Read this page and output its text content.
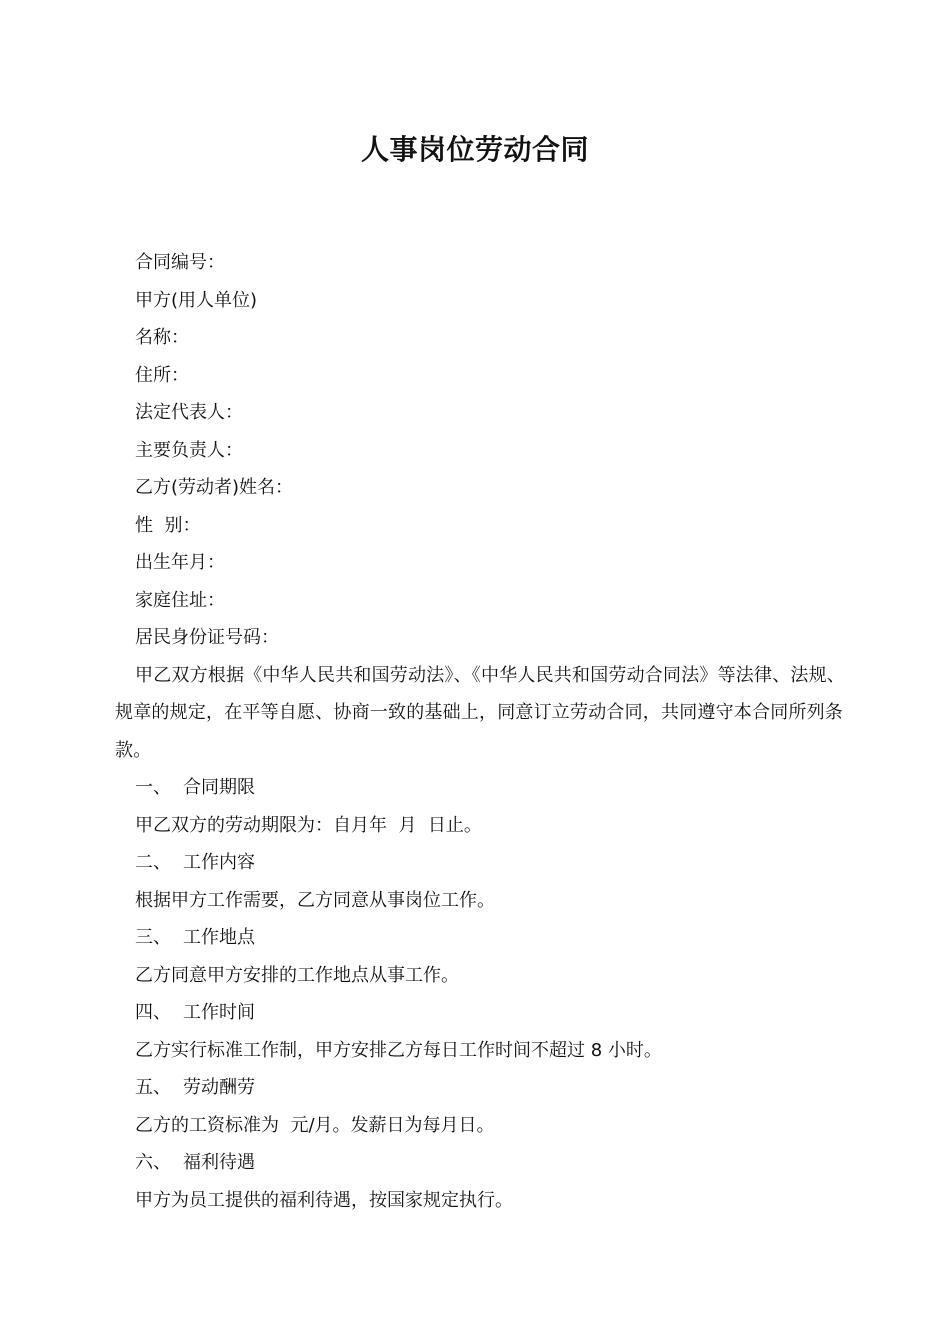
人事岗位劳动合同
合同编号：
甲方(用人单位)
名称：
住所：
法定代表人：
主要负责人：
乙方(劳动者)姓名：
性  别：
出生年月：
家庭住址：
居民身份证号码：
甲乙双方根据《中华人民共和国劳动法》、《中华人民共和国劳动合同法》等法律、法规、规章的规定，在平等自愿、协商一致的基础上，同意订立劳动合同，共同遵守本合同所列条款。
一、 合同期限
甲乙双方的劳动期限为：自月年  月  日止。
二、 工作内容
根据甲方工作需要，乙方同意从事岗位工作。
三、 工作地点
乙方同意甲方安排的工作地点从事工作。
四、 工作时间
乙方实行标准工作制，甲方安排乙方每日工作时间不超过 8 小时。
五、 劳动酬劳
乙方的工资标准为  元/月。发薪日为每月日。
六、 福利待遇
甲方为员工提供的福利待遇，按国家规定执行。
